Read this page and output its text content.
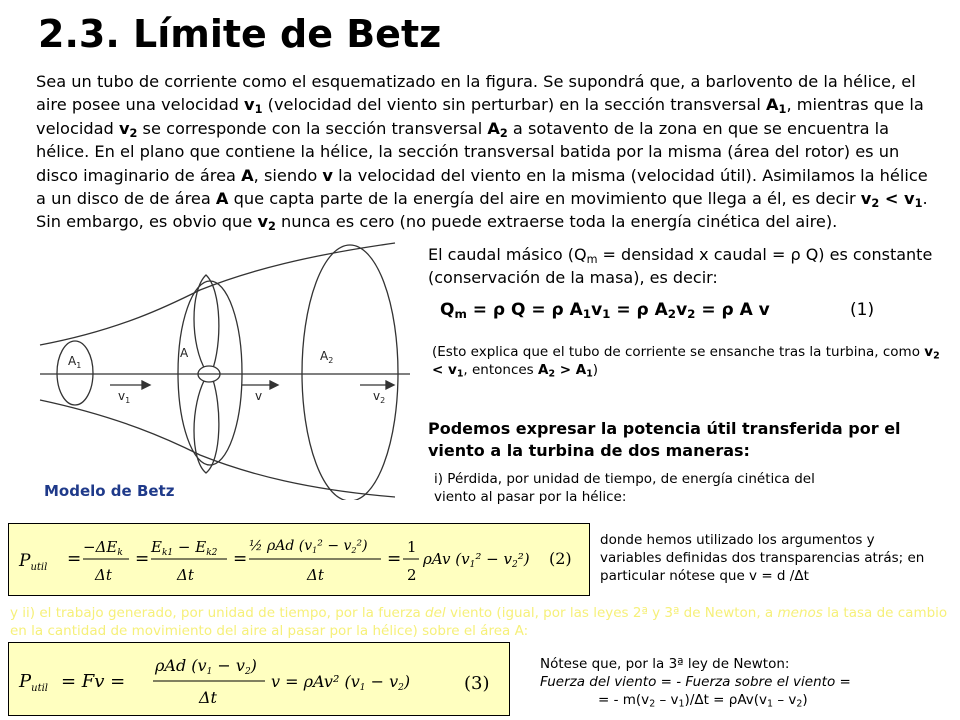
2.3. Límite de Betz
Sea un tubo de corriente como el esquematizado en la figura. Se supondrá que, a barlovento de la hélice, el aire posee una velocidad $v_1$ (velocidad del viento sin perturbar) en la sección transversal $A_1$, mientras que la velocidad $v_2$ se corresponde con la sección transversal $A_2$ a sotavento de la zona en que se encuentra la hélice. En el plano que contiene la hélice, la sección transversal batida por la misma (área del rotor) es un disco imaginario de área A, siendo v la velocidad del viento en la misma (velocidad útil). Asimilamos la hélice a un disco de de área A que capta parte de la energía del aire en movimiento que llega a él, es decir $v_2 < v_1$. Sin embargo, es obvio que $v_2$ nunca es cero (no puede extraerse toda la energía cinética del aire).
$A_1$
A	$A_2$
$v_1$	v	$v_2$
Modelo de Betz
El caudal másico ($Q_m$ = densidad x caudal = ρ Q) es constante (conservación de la masa), es decir:
$Q_m = \rho$ Q = ρ $A_1v_1 = \rho$ $A_2v_2 = \rho$ A v	(1)
(Esto explica que el tubo de corriente se ensanche tras la turbina, como $v_2 < v_1$, entonces $A_2 > A_1$)
Podemos expresar la potencia útil transferida por el viento a la turbina de dos maneras:
i) Pérdida, por unidad de tiempo, de energía cinética del viento al pasar por la hélice:
$P_{util}$ =
$-\Delta E_k$
Δt
=
$E_{k1} - E_{k2}$
Δt
=
½ ρAd $(v_1^2 - v_2^2)$
Δt
=
1
2
ρAv $(v_1^2 - v_2^2)$ (2)
donde hemos utilizado los argumentos y variables definidas dos transparencias atrás; en particular nótese que v = d /Δt
y ii) el trabajo generado, por unidad de tiempo, por la fuerza del viento (igual, por las leyes 2ª y 3ª de Newton, a menos la tasa de cambio en la cantidad de movimiento del aire al pasar por la hélice) sobre el área A:
$P_{util} = Fv$ =
ρAd (v1 − v2)
Δt
v = ρAv² (v1 − v2)	(3)
Nótese que, por la 3ª ley de Newton:
Fuerza del viento = - Fuerza sobre el viento =
= - $m(v_2 - v_1)/\Delta t = \rho Av(v_1 - v_2)$
